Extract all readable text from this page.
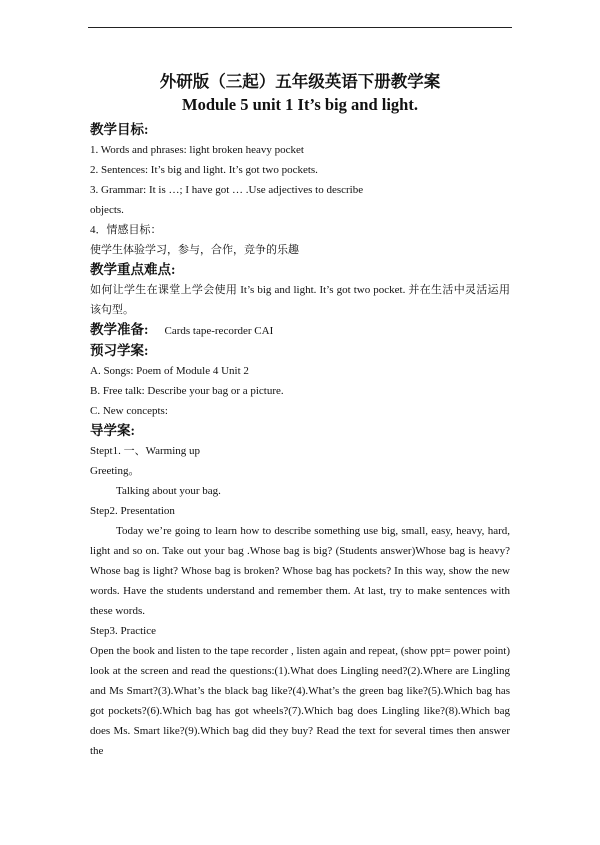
外研版（三起）五年级英语下册教学案

Module 5 unit 1 It’s big and light.

教学目标:

1. Words and phrases: light broken heavy pocket

2. Sentences: It’s big and light. It’s got two pockets.

3. Grammar: It is …; I have got … .Use adjectives to describe

objects.

4．情感目标：

使学生体验学习，参与，合作，竞争的乐趣

教学重点难点:

如何让学生在课堂上学会使用 It’s big and light. It’s got two pocket. 并在生活中灵活运用该句型。

教学准备: Cards tape-recorder CAI

预习学案:

A. Songs: Poem of Module 4 Unit 2

B. Free talk: Describe your bag or a picture.

C. New concepts:

导学案:

Stept1. 一、Warming up

Greeting。

Talking about your bag.

Step2. Presentation

Today we’re going to learn how to describe something use big, small, easy, heavy, hard, light and so on. Take out your bag .Whose bag is big? (Students answer)Whose bag is heavy? Whose bag is light? Whose bag is broken? Whose bag has pockets? In this way, show the new words. Have the students understand and remember them. At last, try to make sentences with these words.

Step3. Practice

Open the book and listen to the tape recorder , listen again and repeat, (show ppt= power point) look at the screen and read the questions:(1).What does Lingling need?(2).Where are Lingling and Ms Smart?(3).What’s the black bag like?(4).What’s the green bag like?(5).Which bag has got pockets?(6).Which bag has got wheels?(7).Which bag does Lingling like?(8).Which bag does Ms. Smart like?(9).Which bag did they buy? Read the text for several times then answer the
